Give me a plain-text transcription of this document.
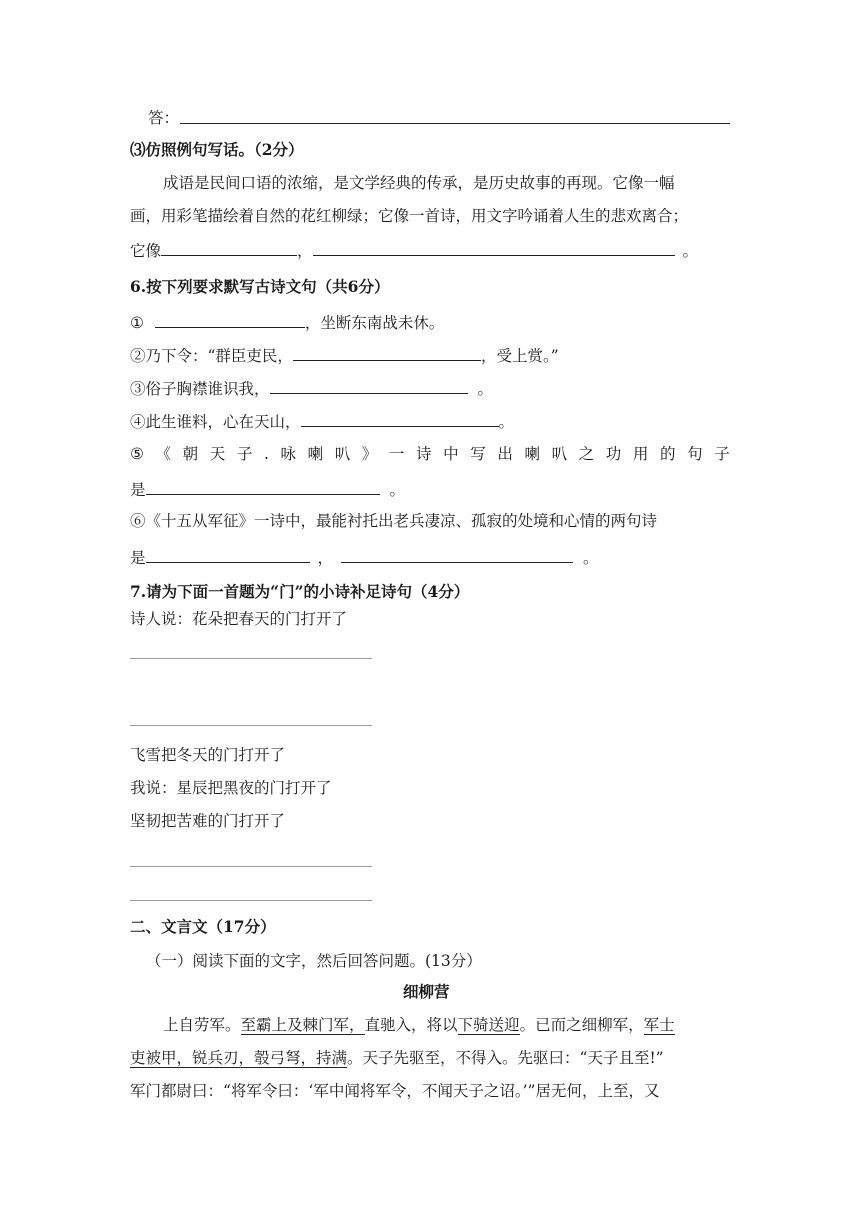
答：
⑶仿照例句写话。（2分）
成语是民间口语的浓缩，是文学经典的传承，是历史故事的再现。它像一幅
画，用彩笔描绘着自然的花红柳绿；它像一首诗，用文字吟诵着人生的悲欢离合；
它像	，	。
6.按下列要求默写古诗文句（共6分）
①	，坐断东南战未休。
②乃下令：“群臣吏民，	，受上赏。”
③俗子胸襟谁识我，	。
④此生谁料，心在天山，	。
⑤ 《 朝 天 子 . 咏 喇 叭 》 一 诗 中 写 出 喇 叭 之 功 用 的 句 子
是	。
⑥《十五从军征》一诗中，最能衬托出老兵凄凉、孤寂的处境和心情的两句诗
是	，	。
7.请为下面一首题为“门”的小诗补足诗句（4分）
诗人说：花朵把春天的门打开了
飞雪把冬天的门打开了
我说：星辰把黑夜的门打开了
坚韧把苦难的门打开了
二、文言文（17分）
（一）阅读下面的文字，然后回答问题。(13分）
细柳营
上自劳军。至霸上及棘门军，直驰入，将以下骑送迎。已而之细柳军，军士
吏被甲，锐兵刃，彀弓弩，持满。天子先驱至，不得入。先驱曰：“天子且至!”
军门都尉曰：“将军令曰：‘军中闻将军令，不闻天子之诏。’”居无何，上至，又
